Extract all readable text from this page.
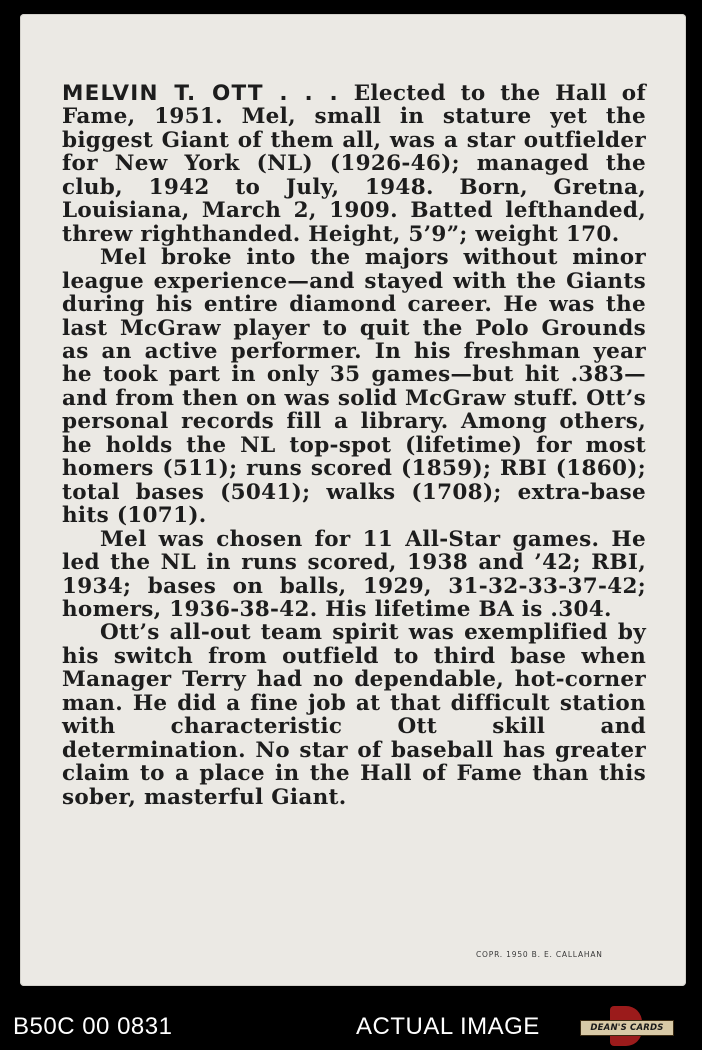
MELVIN T. OTT . . . Elected to the Hall of Fame, 1951. Mel, small in stature yet the biggest Giant of them all, was a star outfielder for New York (NL) (1926-46); managed the club, 1942 to July, 1948. Born, Gretna, Louisiana, March 2, 1909. Batted lefthanded, threw righthanded. Height, 5’9”; weight 170.

Mel broke into the majors without minor league experience—and stayed with the Giants during his entire diamond career. He was the last McGraw player to quit the Polo Grounds as an active performer. In his freshman year he took part in only 35 games—but hit .383—and from then on was solid McGraw stuff. Ott’s personal records fill a library. Among others, he holds the NL top-spot (lifetime) for most homers (511); runs scored (1859); RBI (1860); total bases (5041); walks (1708); extra-base hits (1071).

Mel was chosen for 11 All-Star games. He led the NL in runs scored, 1938 and ’42; RBI, 1934; bases on balls, 1929, 31-32-33-37-42; homers, 1936-38-42. His lifetime BA is .304.

Ott’s all-out team spirit was exemplified by his switch from outfield to third base when Manager Terry had no dependable, hot-corner man. He did a fine job at that difficult station with characteristic Ott skill and determination. No star of baseball has greater claim to a place in the Hall of Fame than this sober, masterful Giant.

COPR. 1950 B. E. CALLAHAN
B50C 00 0831	ACTUAL IMAGE	DEAN'S CARDS
